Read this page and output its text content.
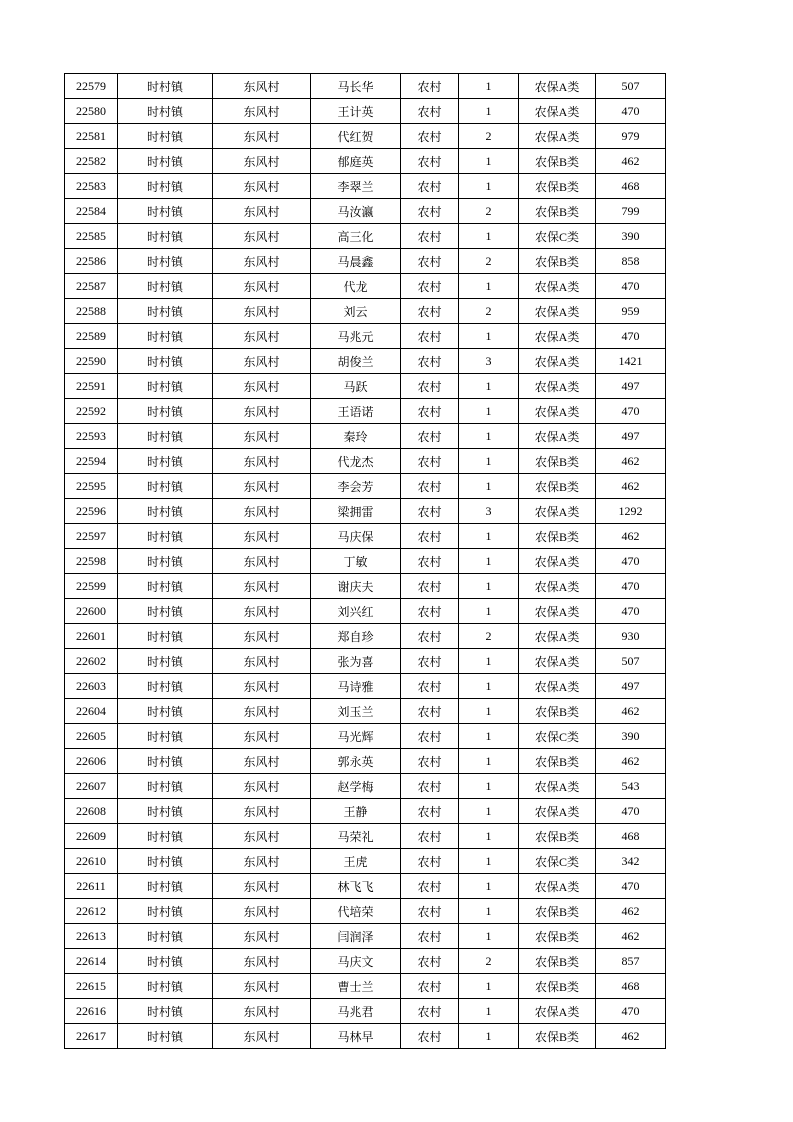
22579	时村镇	东风村	马长华	农村	1	农保A类	507
22580	时村镇	东风村	王计英	农村	1	农保A类	470
22581	时村镇	东风村	代红贺	农村	2	农保A类	979
22582	时村镇	东风村	郁庭英	农村	1	农保B类	462
22583	时村镇	东风村	李翠兰	农村	1	农保B类	468
22584	时村镇	东风村	马汝瀛	农村	2	农保B类	799
22585	时村镇	东风村	高三化	农村	1	农保C类	390
22586	时村镇	东风村	马晨鑫	农村	2	农保B类	858
22587	时村镇	东风村	代龙	农村	1	农保A类	470
22588	时村镇	东风村	刘云	农村	2	农保A类	959
22589	时村镇	东风村	马兆元	农村	1	农保A类	470
22590	时村镇	东风村	胡俊兰	农村	3	农保A类	1421
22591	时村镇	东风村	马跃	农村	1	农保A类	497
22592	时村镇	东风村	王语诺	农村	1	农保A类	470
22593	时村镇	东风村	秦玲	农村	1	农保A类	497
22594	时村镇	东风村	代龙杰	农村	1	农保B类	462
22595	时村镇	东风村	李会芳	农村	1	农保B类	462
22596	时村镇	东风村	梁拥雷	农村	3	农保A类	1292
22597	时村镇	东风村	马庆保	农村	1	农保B类	462
22598	时村镇	东风村	丁敏	农村	1	农保A类	470
22599	时村镇	东风村	谢庆夫	农村	1	农保A类	470
22600	时村镇	东风村	刘兴红	农村	1	农保A类	470
22601	时村镇	东风村	郑自珍	农村	2	农保A类	930
22602	时村镇	东风村	张为喜	农村	1	农保A类	507
22603	时村镇	东风村	马诗雅	农村	1	农保A类	497
22604	时村镇	东风村	刘玉兰	农村	1	农保B类	462
22605	时村镇	东风村	马光辉	农村	1	农保C类	390
22606	时村镇	东风村	郭永英	农村	1	农保B类	462
22607	时村镇	东风村	赵学梅	农村	1	农保A类	543
22608	时村镇	东风村	王静	农村	1	农保A类	470
22609	时村镇	东风村	马荣礼	农村	1	农保B类	468
22610	时村镇	东风村	王虎	农村	1	农保C类	342
22611	时村镇	东风村	林飞飞	农村	1	农保A类	470
22612	时村镇	东风村	代培荣	农村	1	农保B类	462
22613	时村镇	东风村	闫润泽	农村	1	农保B类	462
22614	时村镇	东风村	马庆文	农村	2	农保B类	857
22615	时村镇	东风村	曹士兰	农村	1	农保B类	468
22616	时村镇	东风村	马兆君	农村	1	农保A类	470
22617	时村镇	东风村	马林早	农村	1	农保B类	462
